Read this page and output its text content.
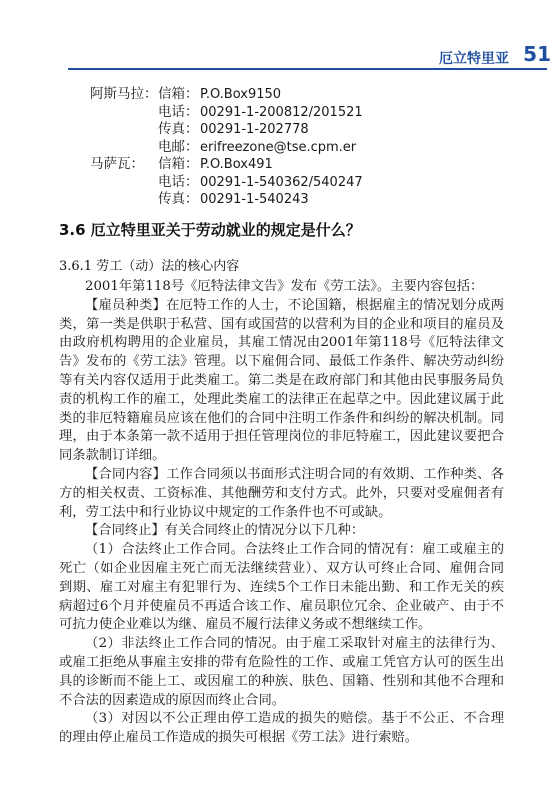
厄立特里亚 51
阿斯马拉： 信箱： P.O.Box9150
电话： 00291-1-200812/201521
传真： 00291-1-202778
电邮： erifreezone@tse.cpm.er
马萨瓦：	信箱： P.O.Box491
电话： 00291-1-540362/540247
传真： 00291-1-540243
3.6 厄立特里亚关于劳动就业的规定是什么？
3.6.1 劳工（动）法的核心内容

2001年第118号《厄特法律文告》发布《劳工法》。主要内容包括：

【雇员种类】在厄特工作的人士，不论国籍，根据雇主的情况划分成两类，第一类是供职于私营、国有或国营的以营利为目的企业和项目的雇员及由政府机构聘用的企业雇员，其雇工情况由2001年第118号《厄特法律文告》发布的《劳工法》管理。以下雇佣合同、最低工作条件、解决劳动纠纷等有关内容仅适用于此类雇工。第二类是在政府部门和其他由民事服务局负责的机构工作的雇工，处理此类雇工的法律正在起草之中。因此建议属于此类的非厄特籍雇员应该在他们的合同中注明工作条件和纠纷的解决机制。同理，由于本条第一款不适用于担任管理岗位的非厄特雇工，因此建议要把合同条款制订详细。

【合同内容】工作合同须以书面形式注明合同的有效期、工作种类、各方的相关权责、工资标准、其他酬劳和支付方式。此外，只要对受雇佣者有利，劳工法中和行业协议中规定的工作条件也不可或缺。

【合同终止】有关合同终止的情况分以下几种：

（1）合法终止工作合同。合法终止工作合同的情况有：雇工或雇主的死亡（如企业因雇主死亡而无法继续营业）、双方认可终止合同、雇佣合同到期、雇工对雇主有犯罪行为、连续5个工作日未能出勤、和工作无关的疾病超过6个月并使雇员不再适合该工作、雇员职位冗余、企业破产、由于不可抗力使企业难以为继、雇员不履行法律义务或不想继续工作。

（2）非法终止工作合同的情况。由于雇工采取针对雇主的法律行为、或雇工拒绝从事雇主安排的带有危险性的工作、或雇工凭官方认可的医生出具的诊断而不能上工、或因雇工的种族、肤色、国籍、性别和其他不合理和不合法的因素造成的原因而终止合同。

（3）对因以不公正理由停工造成的损失的赔偿。基于不公正、不合理的理由停止雇员工作造成的损失可根据《劳工法》进行索赔。
